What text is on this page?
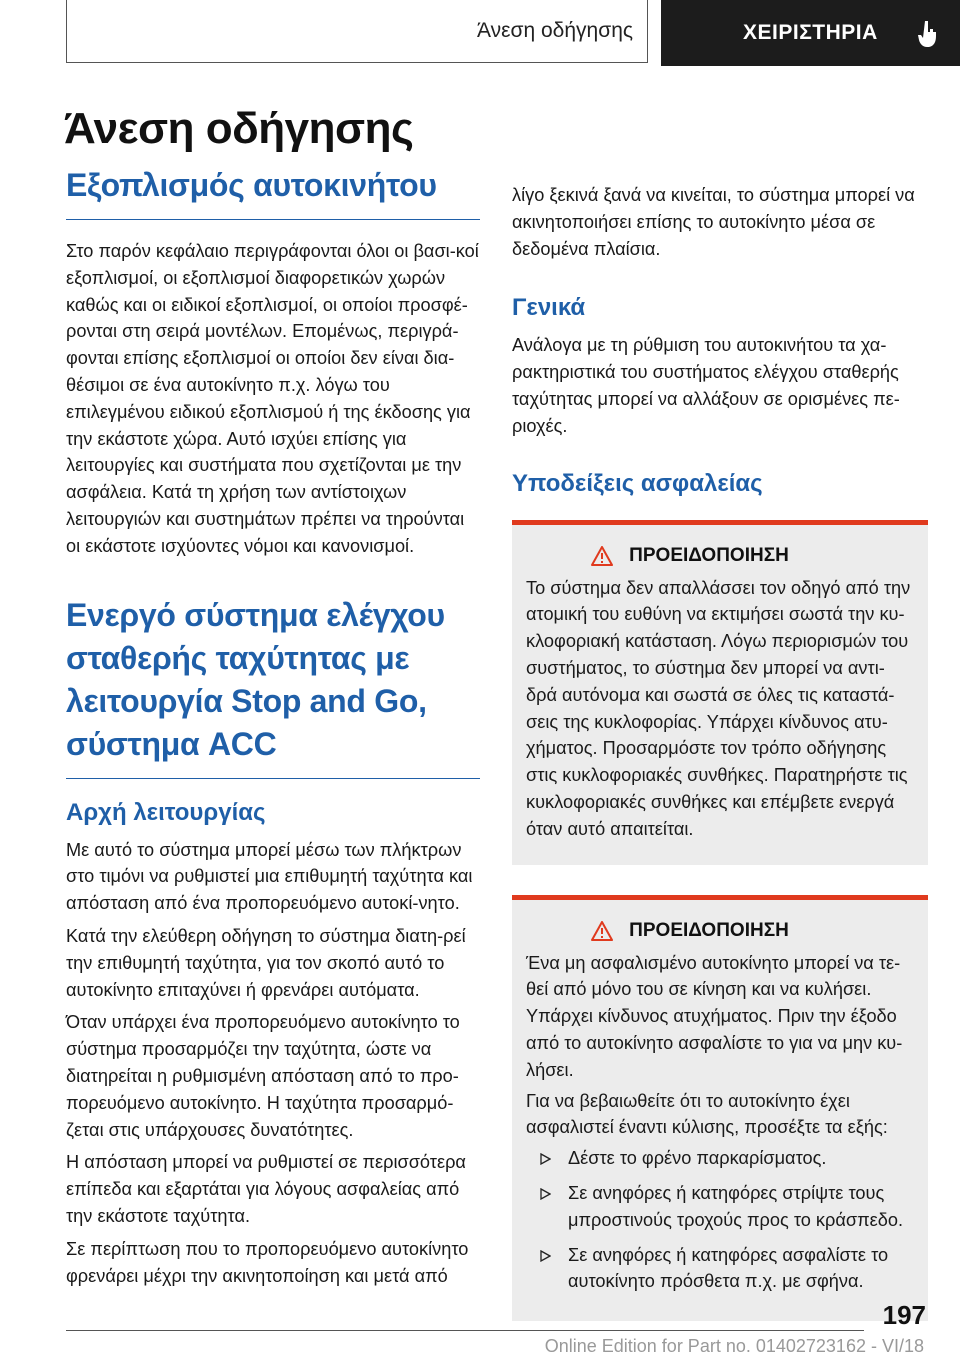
Άνεση οδήγησης	ΧΕΙΡΙΣΤΗΡΙΑ
Άνεση οδήγησης
Εξοπλισμός αυτοκινήτου

Στο παρόν κεφάλαιο περιγράφονται όλοι οι βασι-κοί εξοπλισμοί, οι εξοπλισμοί διαφορετικών χωρών καθώς και οι ειδικοί εξοπλισμοί, οι οποίοι προσφέ-ρονται στη σειρά μοντέλων. Επομένως, περιγρά-φονται επίσης εξοπλισμοί οι οποίοι δεν είναι δια-θέσιμοι σε ένα αυτοκίνητο π.χ. λόγω του επιλεγμένου ειδικού εξοπλισμού ή της έκδοσης για την εκάστοτε χώρα. Αυτό ισχύει επίσης για λειτουργίες και συστήματα που σχετίζονται με την ασφάλεια. Κατά τη χρήση των αντίστοιχων λειτουργιών και συστημάτων πρέπει να τηρούνται οι εκάστοτε ισχύοντες νόμοι και κανονισμοί.

Ενεργό σύστημα ελέγχου σταθερής ταχύτητας με λειτουργία Stop and Go, σύστημα ACC
Αρχή λειτουργίας

Με αυτό το σύστημα μπορεί μέσω των πλήκτρων στο τιμόνι να ρυθμιστεί μια επιθυμητή ταχύτητα και απόσταση από ένα προπορευόμενο αυτοκί-νητο.

Κατά την ελεύθερη οδήγηση το σύστημα διατη-ρεί την επιθυμητή ταχύτητα, για τον σκοπό αυτό το αυτοκίνητο επιταχύνει ή φρενάρει αυτόματα.

Όταν υπάρχει ένα προπορευόμενο αυτοκίνητο το σύστημα προσαρμόζει την ταχύτητα, ώστε να διατηρείται η ρυθμισμένη απόσταση από το προ-πορευόμενο αυτοκίνητο. Η ταχύτητα προσαρμό-ζεται στις υπάρχουσες δυνατότητες.

Η απόσταση μπορεί να ρυθμιστεί σε περισσότερα επίπεδα και εξαρτάται για λόγους ασφαλείας από την εκάστοτε ταχύτητα.

Σε περίπτωση που το προπορευόμενο αυτοκίνητο φρενάρει μέχρι την ακινητοποίηση και μετά από

λίγο ξεκινά ξανά να κινείται, το σύστημα μπορεί να ακινητοποιήσει επίσης το αυτοκίνητο μέσα σε δεδομένα πλαίσια.

Γενικά

Ανάλογα με τη ρύθμιση του αυτοκινήτου τα χα-ρακτηριστικά του συστήματος ελέγχου σταθερής ταχύτητας μπορεί να αλλάξουν σε ορισμένες πε-ριοχές.

Υποδείξεις ασφαλείας
ΠΡΟΕΙΔΟΠΟΙΗΣΗ

Το σύστημα δεν απαλλάσσει τον οδηγό από την ατομική του ευθύνη να εκτιμήσει σωστά την κυ-κλοφοριακή κατάσταση. Λόγω περιορισμών του συστήματος, το σύστημα δεν μπορεί να αντι-δρά αυτόνομα και σωστά σε όλες τις καταστά-σεις της κυκλοφορίας. Υπάρχει κίνδυνος ατυ-χήματος. Προσαρμόστε τον τρόπο οδήγησης στις κυκλοφοριακές συνθήκες. Παρατηρήστε τις κυκλοφοριακές συνθήκες και επέμβετε ενεργά όταν αυτό απαιτείται.

ΠΡΟΕΙΔΟΠΟΙΗΣΗ

Ένα μη ασφαλισμένο αυτοκίνητο μπορεί να τε-θεί από μόνο του σε κίνηση και να κυλήσει. Υπάρχει κίνδυνος ατυχήματος. Πριν την έξοδο από το αυτοκίνητο ασφαλίστε το για να μην κυ-λήσει.

Για να βεβαιωθείτε ότι το αυτοκίνητο έχει ασφαλιστεί έναντι κύλισης, προσέξτε τα εξής:

Δέστε το φρένο παρκαρίσματος.
Σε ανηφόρες ή κατηφόρες στρίψτε τους μπροστινούς τροχούς προς το κράσπεδο.
Σε ανηφόρες ή κατηφόρες ασφαλίστε το αυτοκίνητο πρόσθετα π.χ. με σφήνα.
197
Online Edition for Part no. 01402723162 - VI/18
